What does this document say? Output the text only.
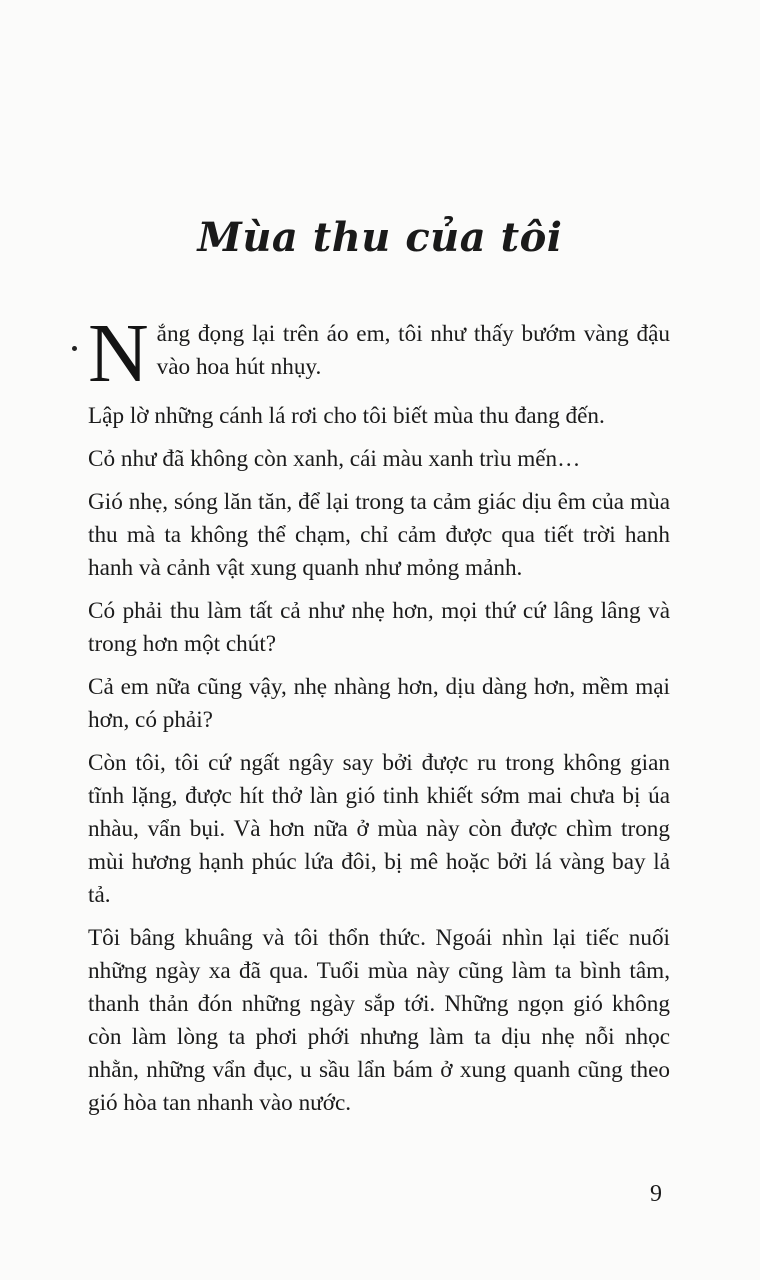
Mùa thu của tôi
N ắng đọng lại trên áo em, tôi như thấy bướm vàng đậu vào hoa hút nhụy.

Lập lờ những cánh lá rơi cho tôi biết mùa thu đang đến.

Cỏ như đã không còn xanh, cái màu xanh trìu mến…

Gió nhẹ, sóng lăn tăn, để lại trong ta cảm giác dịu êm của mùa thu mà ta không thể chạm, chỉ cảm được qua tiết trời hanh hanh và cảnh vật xung quanh như mỏng mảnh.

Có phải thu làm tất cả như nhẹ hơn, mọi thứ cứ lâng lâng và trong hơn một chút?

Cả em nữa cũng vậy, nhẹ nhàng hơn, dịu dàng hơn, mềm mại hơn, có phải?

Còn tôi, tôi cứ ngất ngây say bởi được ru trong không gian tĩnh lặng, được hít thở làn gió tinh khiết sớm mai chưa bị úa nhàu, vẩn bụi. Và hơn nữa ở mùa này còn được chìm trong mùi hương hạnh phúc lứa đôi, bị mê hoặc bởi lá vàng bay lả tả.

Tôi bâng khuâng và tôi thổn thức. Ngoái nhìn lại tiếc nuối những ngày xa đã qua. Tuổi mùa này cũng làm ta bình tâm, thanh thản đón những ngày sắp tới. Những ngọn gió không còn làm lòng ta phơi phới nhưng làm ta dịu nhẹ nỗi nhọc nhằn, những vẩn đục, u sầu lẩn bám ở xung quanh cũng theo gió hòa tan nhanh vào nước.

9
